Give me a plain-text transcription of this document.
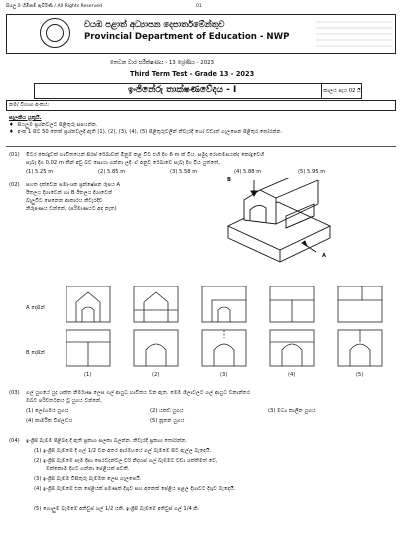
සියලු ම හිමිකම් ඇවිරිණි / All Rights Reserved	01
වයඹ පළාත් අධ්‍යාපන දෙපාර්තමේන්තුව
Provincial Department of Education - NWP
තෙවන වාර පරීක්ෂණය - 13 ශ්‍රේණිය - 2023
Third Term Test - Grade 13 - 2023
ඉංජිනේරු තාක්ෂණවේදය - I	කාලය පැය 02 යි
නම/ විභාග අංකය:
සැලකිය යුතුයි.
♦ සියලුම ප්‍රශ්නවලට පිළිතුරු සපයන්න.
♦ අංක 1 සිට 50 තෙක් ප්‍රශ්නවලදී ඇති (1), (2), (3), (4), (5) පිළිතුරුවලින් නිවැරදි හෝ වඩාත් ගැලපෙන පිළිතුර තෝරන්න.
(01) මීටර කෝදුවක් භාවිතයෙන් සිරස් රේඛාවක් මිනුම් කළ විට එහි දිග 6 m ක් විය. සමුදා රොතමසයක්ද කෝදුවෙහි
සැබෑ දිග 0.02 m කින් අඩු බව සොයා ගන්නා ලදී. ඒ අනුව රේඛාවේ සැබෑ දිග විය යුත්තේ,
(1) 5.25 m	(2) 5.85 m	(3) 5.58 m	(4) 5.88 m	(5) 5.95 m
(02) පහත දක්වෙන සමාංශක ප්‍රක්ෂේපන රූපය A
ඊතලය දිශාවෙන් හා B ඊතලය දිශාවෙන්
බැලුවිට පෙනෙන ආකාරය නිවැරදිව
නිරූපණය වන්නේ, (පරිමාණයට අඳ නැත)
B
A
A දෙසින්
B දෙසින්
(1)	(2)	(3)	(4)	(5)
(03) ගල් යුගයේ යුද ශක්ත නිර්මාණ ලෙස ගල් ආයුධ භාවිතය වන ඇත. මෙම ශිලාවලට ගල් ආයුධ වනාන්තර
ඔබට පරිවර්තනය වූ යුගය වන්නේ,
(1) ලෝහමය යුගය	(2) යකඩ යුගය	(3) මධ්‍ය කාලීන යුගය
(4) කාර්මික විප්ලවය	(5) නූතන යුගය
(04) ඉංග්‍රීසි බැම්ම පිළිබඳ දී ඇති ප්‍රකාශ සලකා බලන්න. නිවැරදි ප්‍රකාශ තෝරන්න.
(1) ඉංග්‍රීසි බැම්මේ දී ගල් 1/2 වන අතර ආරම්භයේ ගල් බැම්මේ සිට ඇල්ල බැඳෙයි.
(2) ඉංග්‍රීසි බැම්මේ සෑම දිසා පෙරවදන්වල වරි නිදහස් ගල් බැම්මට වඩා ශක්තිමත් වේ,
ඔක්කොම දිගට ගන්නා පේළියක් පවතී.
(3) ඉංග්‍රීසි බැම්ම විසිතුරු බැම්මක ලෙස ගැලපෙයි.
(4) ඉංග්‍රීසි බැම්මේ එක පේළියක් පමණක් දිගුව සහ අනෙක් පේළිය පළල දිශාවට දිගුව බැඳෙයි.
(5) ගොලුම් බැම්මේ අතිවුස් ගල් 1/2 යකි. ඉංග්‍රීසි බැම්මේ අතිවුස් ගල් 1/4 කි.
